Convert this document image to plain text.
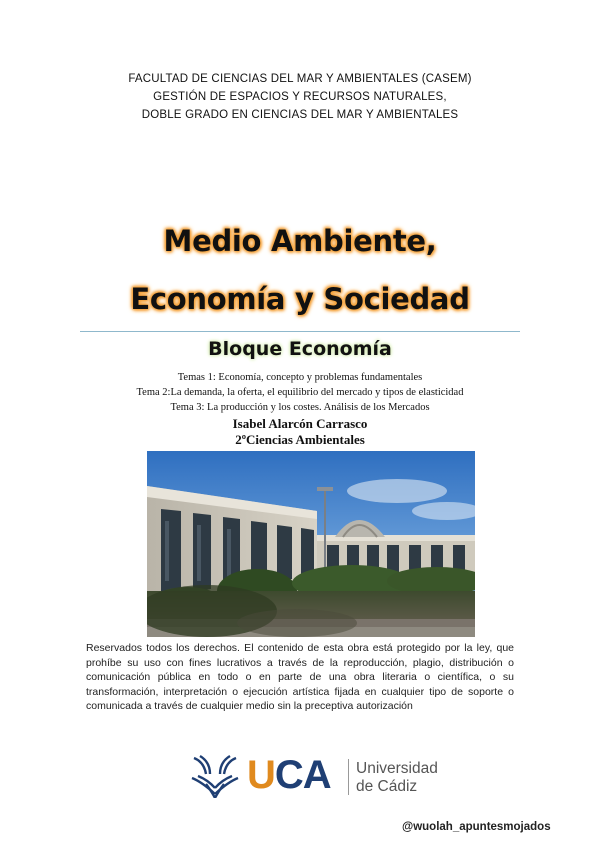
FACULTAD DE CIENCIAS DEL MAR Y AMBIENTALES (CASEM)
GESTIÓN DE ESPACIOS Y RECURSOS NATURALES,
DOBLE GRADO EN CIENCIAS DEL MAR Y AMBIENTALES
Medio Ambiente,
Economía y Sociedad
Bloque Economía
Temas 1: Economía, concepto y problemas fundamentales
Tema 2:La demanda, la oferta, el equilibrio del mercado y tipos de elasticidad
Tema 3: La producción y los costes. Análisis de los Mercados
Isabel Alarcón Carrasco
2ºCiencias Ambientales
Reservados todos los derechos. El contenido de esta obra está protegido por la ley, que prohíbe su uso con fines lucrativos a través de la reproducción, plagio, distribución o comunicación pública en todo o en parte de una obra literaria o científica, o su transformación, interpretación o ejecución artística fijada en cualquier tipo de soporte o comunicada a través de cualquier medio sin la preceptiva autorización
UCA Universidad
de Cádiz
@wuolah_apuntesmojados
